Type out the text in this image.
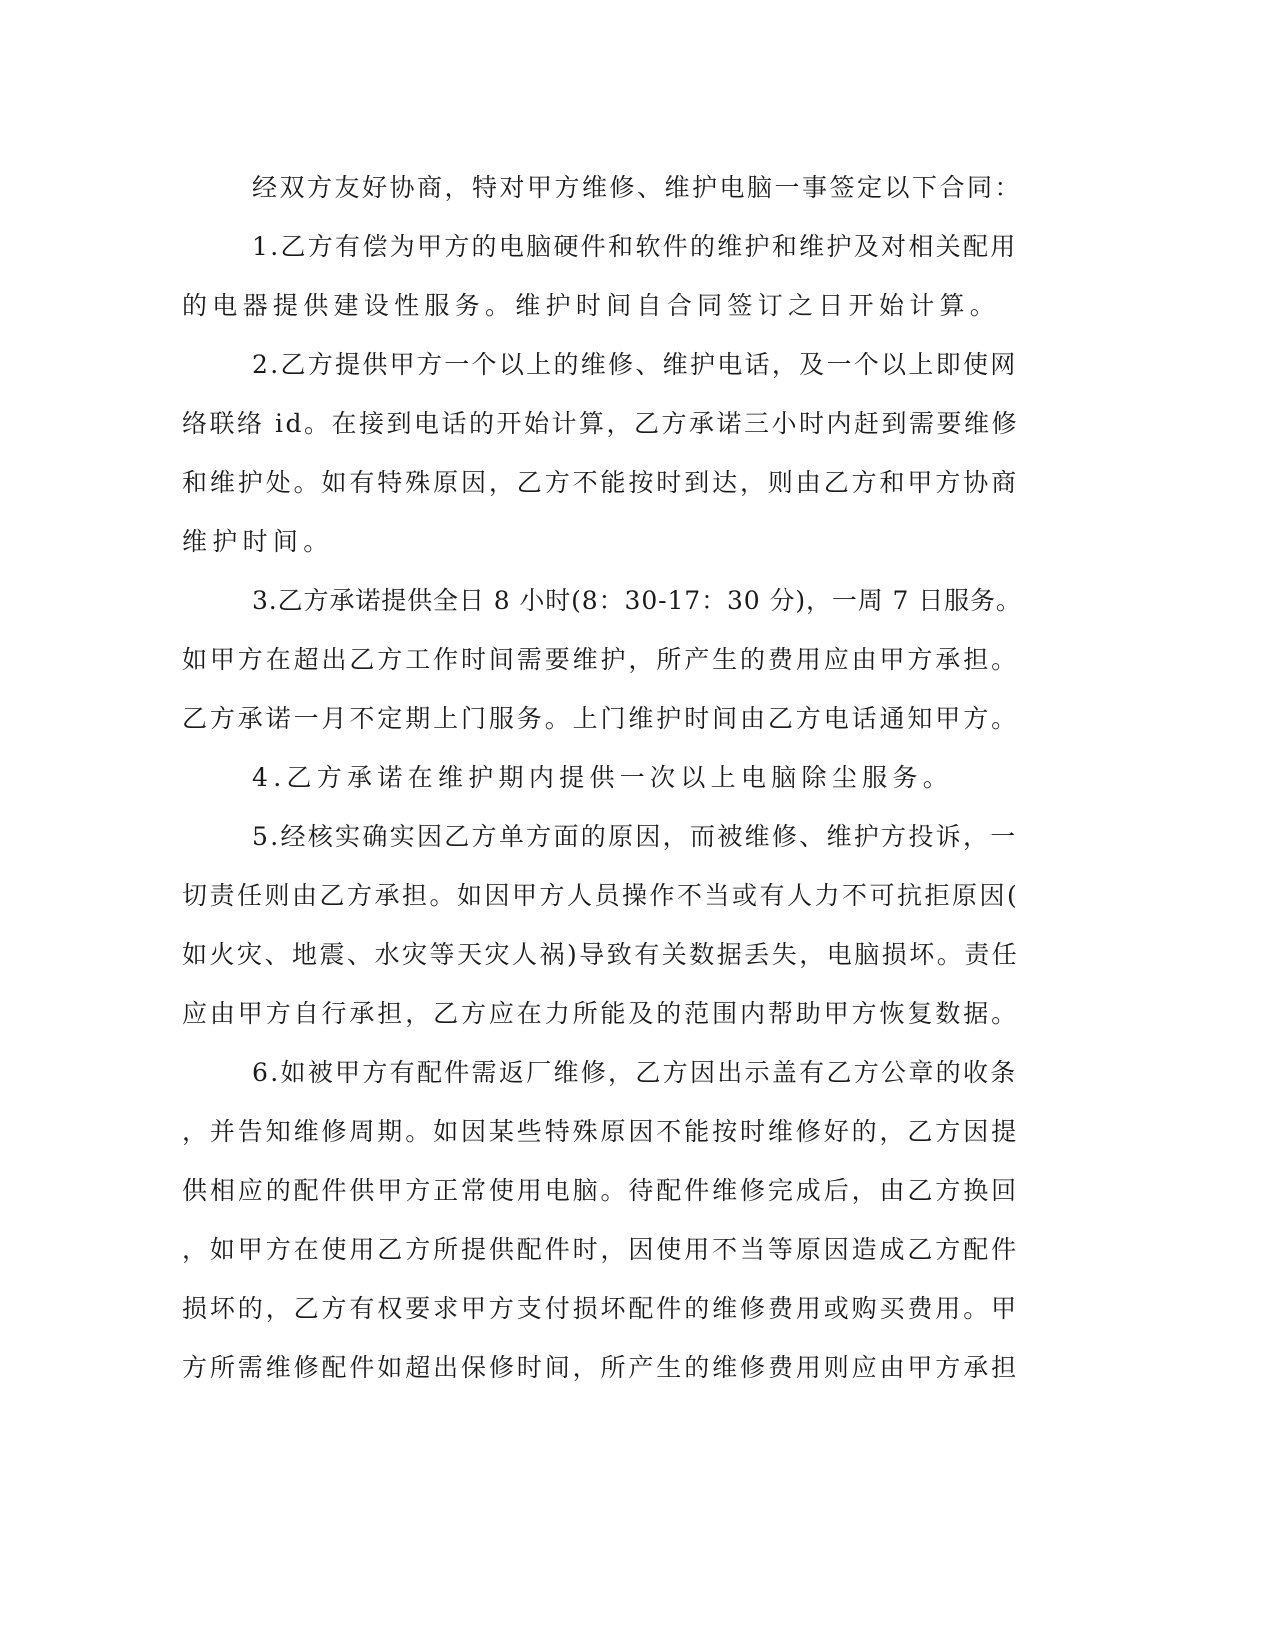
经双方友好协商，特对甲方维修、维护电脑一事签定以下合同：
1.乙方有偿为甲方的电脑硬件和软件的维护和维护及对相关配用
的电器提供建设性服务。维护时间自合同签订之日开始计算。
2.乙方提供甲方一个以上的维修、维护电话，及一个以上即使网
络联络 id。在接到电话的开始计算，乙方承诺三小时内赶到需要维修
和维护处。如有特殊原因，乙方不能按时到达，则由乙方和甲方协商
维护时间。
3.乙方承诺提供全日 8 小时(8：30-17：30 分)，一周 7 日服务。
如甲方在超出乙方工作时间需要维护，所产生的费用应由甲方承担。
乙方承诺一月不定期上门服务。上门维护时间由乙方电话通知甲方。
4.乙方承诺在维护期内提供一次以上电脑除尘服务。
5.经核实确实因乙方单方面的原因，而被维修、维护方投诉，一
切责任则由乙方承担。如因甲方人员操作不当或有人力不可抗拒原因(
如火灾、地震、水灾等天灾人祸)导致有关数据丢失，电脑损坏。责任
应由甲方自行承担，乙方应在力所能及的范围内帮助甲方恢复数据。
6.如被甲方有配件需返厂维修，乙方因出示盖有乙方公章的收条
，并告知维修周期。如因某些特殊原因不能按时维修好的，乙方因提
供相应的配件供甲方正常使用电脑。待配件维修完成后，由乙方换回
，如甲方在使用乙方所提供配件时，因使用不当等原因造成乙方配件
损坏的，乙方有权要求甲方支付损坏配件的维修费用或购买费用。甲
方所需维修配件如超出保修时间，所产生的维修费用则应由甲方承担
